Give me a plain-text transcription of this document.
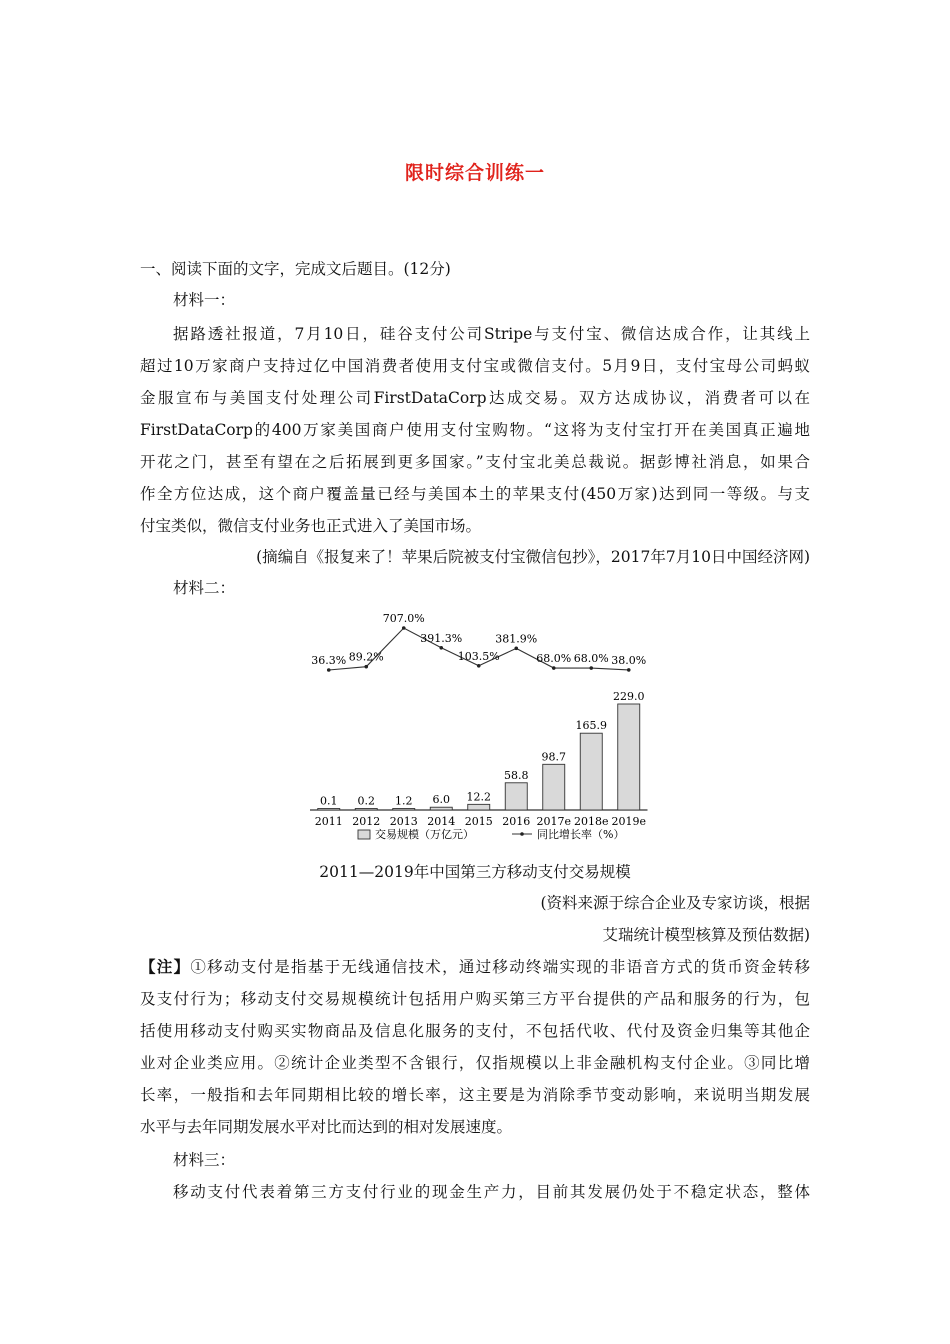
限时综合训练一
一、阅读下面的文字，完成文后题目。(12分)
材料一：
据路透社报道，7月10日，硅谷支付公司Stripe与支付宝、微信达成合作，让其线上
超过10万家商户支持过亿中国消费者使用支付宝或微信支付。5月9日，支付宝母公司蚂蚁
金服宣布与美国支付处理公司FirstDataCorp达成交易。双方达成协议，消费者可以在
FirstDataCorp的400万家美国商户使用支付宝购物。“这将为支付宝打开在美国真正遍地
开花之门，甚至有望在之后拓展到更多国家。”支付宝北美总裁说。据彭博社消息，如果合
作全方位达成，这个商户覆盖量已经与美国本土的苹果支付(450万家)达到同一等级。与支
付宝类似，微信支付业务也正式进入了美国市场。
(摘编自《报复来了！苹果后院被支付宝微信包抄》，2017年7月10日中国经济网)
材料二：
0.1
2011
0.2
2012
1.2
2013
6.0
2014
12.2
2015
58.8
2016
98.7
2017e
165.9
2018e
229.0
2019e
36.3% 89.2%
707.0%
391.3%
103.5%
381.9%
68.0% 68.0% 38.0%
交易规模（万亿元）	同比增长率（%）
2011—2019年中国第三方移动支付交易规模
(资料来源于综合企业及专家访谈，根据
艾瑞统计模型核算及预估数据)
【注】①移动支付是指基于无线通信技术，通过移动终端实现的非语音方式的货币资金转移
及支付行为；移动支付交易规模统计包括用户购买第三方平台提供的产品和服务的行为，包
括使用移动支付购买实物商品及信息化服务的支付，不包括代收、代付及资金归集等其他企
业对企业类应用。②统计企业类型不含银行，仅指规模以上非金融机构支付企业。③同比增
长率，一般指和去年同期相比较的增长率，这主要是为消除季节变动影响，来说明当期发展
水平与去年同期发展水平对比而达到的相对发展速度。
材料三：
移动支付代表着第三方支付行业的现金生产力，目前其发展仍处于不稳定状态，整体
